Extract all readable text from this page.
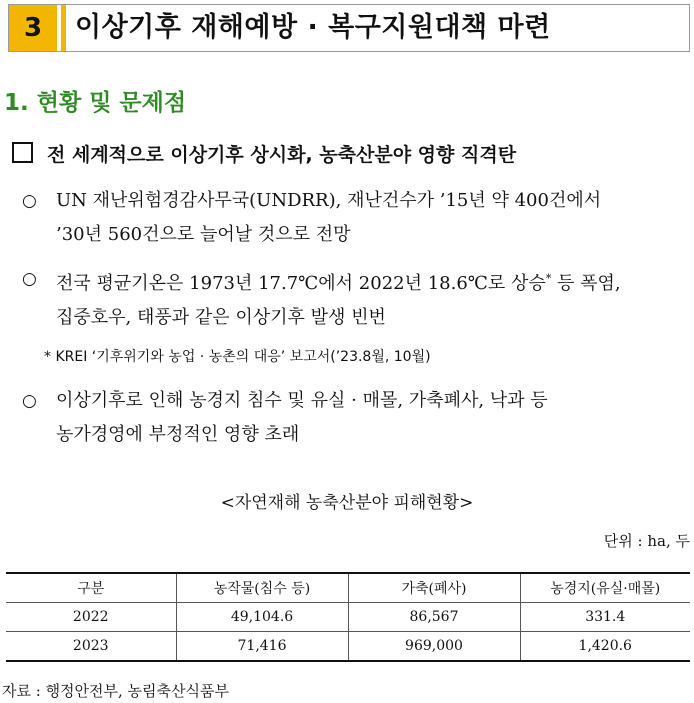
3	이상기후 재해예방 · 복구지원대책 마련
1. 현황 및 문제점
전 세계적으로 이상기후 상시화, 농축산분야 영향 직격탄
○	UN 재난위험경감사무국(UNDRR), 재난건수가 ’15년 약 400건에서
’30년 560건으로 늘어날 것으로 전망
○	전국 평균기온은 1973년 17.7℃에서 2022년 18.6℃로 상승* 등 폭염,
집중호우, 태풍과 같은 이상기후 발생 빈번
* KREI ‘기후위기와 농업 · 농촌의 대응’ 보고서(’23.8월, 10월)
○	이상기후로 인해 농경지 침수 및 유실 · 매몰, 가축폐사, 낙과 등
농가경영에 부정적인 영향 초래
<자연재해 농축산분야 피해현황>
단위 : ha, 두
구분	농작물(침수 등)	가축(폐사)	농경지(유실·매몰)
2022	49,104.6	86,567	331.4
2023	71,416	969,000	1,420.6
자료 : 행정안전부, 농림축산식품부
